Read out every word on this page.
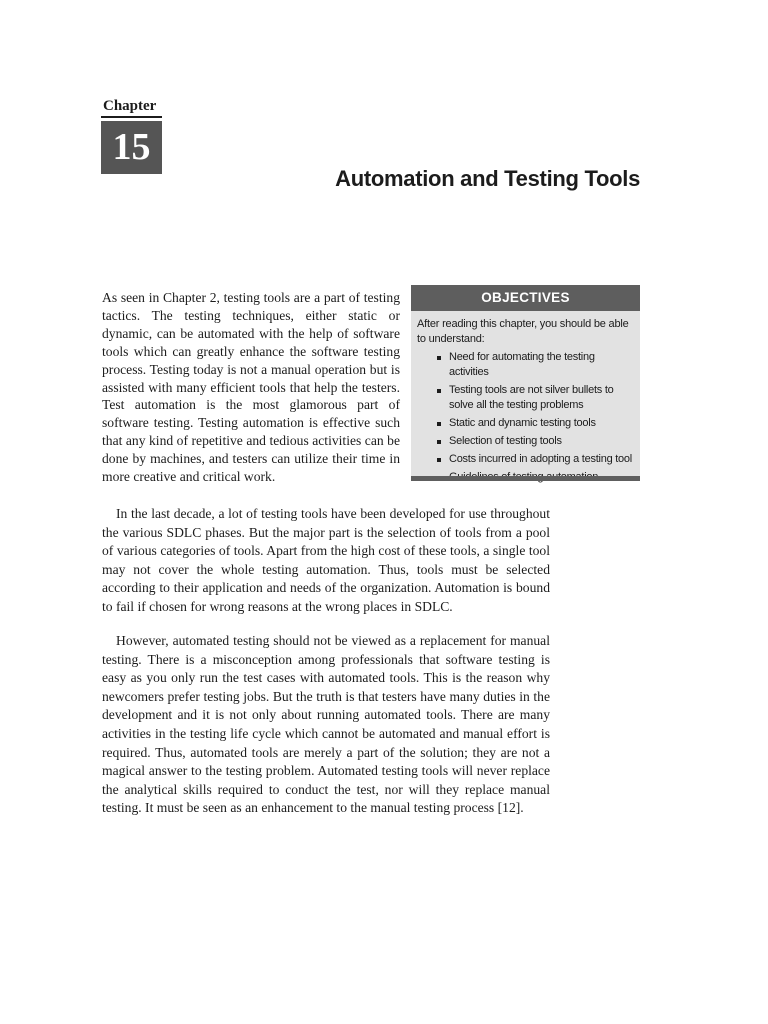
Chapter
15
Automation and Testing Tools

As seen in Chapter 2, testing tools are a part of testing tactics. The testing techniques, either static or dynamic, can be automated with the help of software tools which can greatly enhance the software testing process. Testing today is not a manual operation but is assisted with many efficient tools that help the testers. Test automation is the most glamorous part of software testing. Testing automation is effective such that any kind of repetitive and tedious activities can be done by machines, and testers can utilize their time in more creative and critical work.

OBJECTIVES

After reading this chapter, you should be able to understand:

Need for automating the testing activities
Testing tools are not silver bullets to solve all the testing problems
Static and dynamic testing tools
Selection of testing tools
Costs incurred in adopting a testing tool

In the last decade, a lot of testing tools have been developed for use throughout the various SDLC phases. But the major part is the selection of tools from a pool of various categories of tools. Apart from the high cost of these tools, a single tool may not cover the whole testing automation. Thus, tools must be selected according to their application and needs of the organization. Automation is bound to fail if chosen for wrong reasons at the wrong places in SDLC.

However, automated testing should not be viewed as a replacement for manual testing. There is a misconception among professionals that software testing is easy as you only run the test cases with automated tools. This is the reason why newcomers prefer testing jobs. But the truth is that testers have many duties in the development and it is not only about running automated tools. There are many activities in the testing life cycle which cannot be automated and manual effort is required. Thus, automated tools are merely a part of the solution; they are not a magical answer to the testing problem. Automated testing tools will never replace the analytical skills required to conduct the test, nor will they replace manual testing. It must be seen as an enhancement to the manual testing process [12].
